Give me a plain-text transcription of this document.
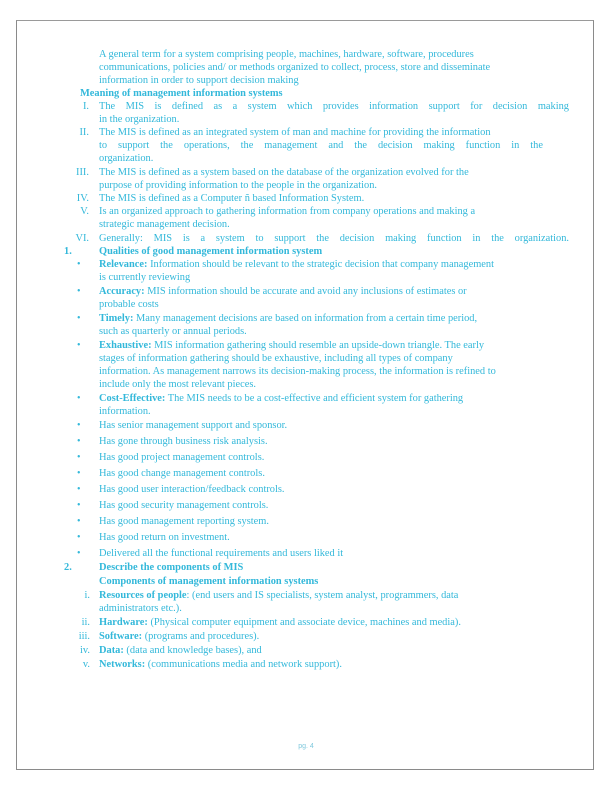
A general term for a system comprising people, machines, hardware, software, procedures
communications, policies and/ or methods organized to collect, process, store and disseminate
information in order to support decision making
Meaning of management information systems
I. The MIS is defined as a system which provides information support for decision making
in the organization.
II. The MIS is defined as an integrated system of man and machine for providing the information
to support the operations, the management and the decision making function in the
organization.
III. The MIS is defined as a system based on the database of the organization evolved for the
purpose of providing information to the people in the organization.
IV. The MIS is defined as a Computer ñ based Information System.
V. Is an organized approach to gathering information from company operations and making a
strategic management decision.
VI. Generally: MIS is a system to support the decision making function in the organization.
1.	Qualities of good management information system
• Relevance: Information should be relevant to the strategic decision that company management
is currently reviewing
• Accuracy: MIS information should be accurate and avoid any inclusions of estimates or
probable costs
• Timely: Many management decisions are based on information from a certain time period,
such as quarterly or annual periods.
• Exhaustive: MIS information gathering should resemble an upside-down triangle. The early
stages of information gathering should be exhaustive, including all types of company
information. As management narrows its decision-making process, the information is refined to
include only the most relevant pieces.
• Cost-Effective: The MIS needs to be a cost-effective and efficient system for gathering
information.
• Has senior management support and sponsor.
• Has gone through business risk analysis.
• Has good project management controls.
• Has good change management controls.
• Has good user interaction/feedback controls.
• Has good security management controls.
• Has good management reporting system.
• Has good return on investment.
• Delivered all the functional requirements and users liked it
2.	Describe the components of MIS
Components of management information systems
i. Resources of people: (end users and IS specialists, system analyst, programmers, data
administrators etc.).
ii. Hardware: (Physical computer equipment and associate device, machines and media).
iii. Software: (programs and procedures).
iv. Data: (data and knowledge bases), and
v. Networks: (communications media and network support).
pg. 4
